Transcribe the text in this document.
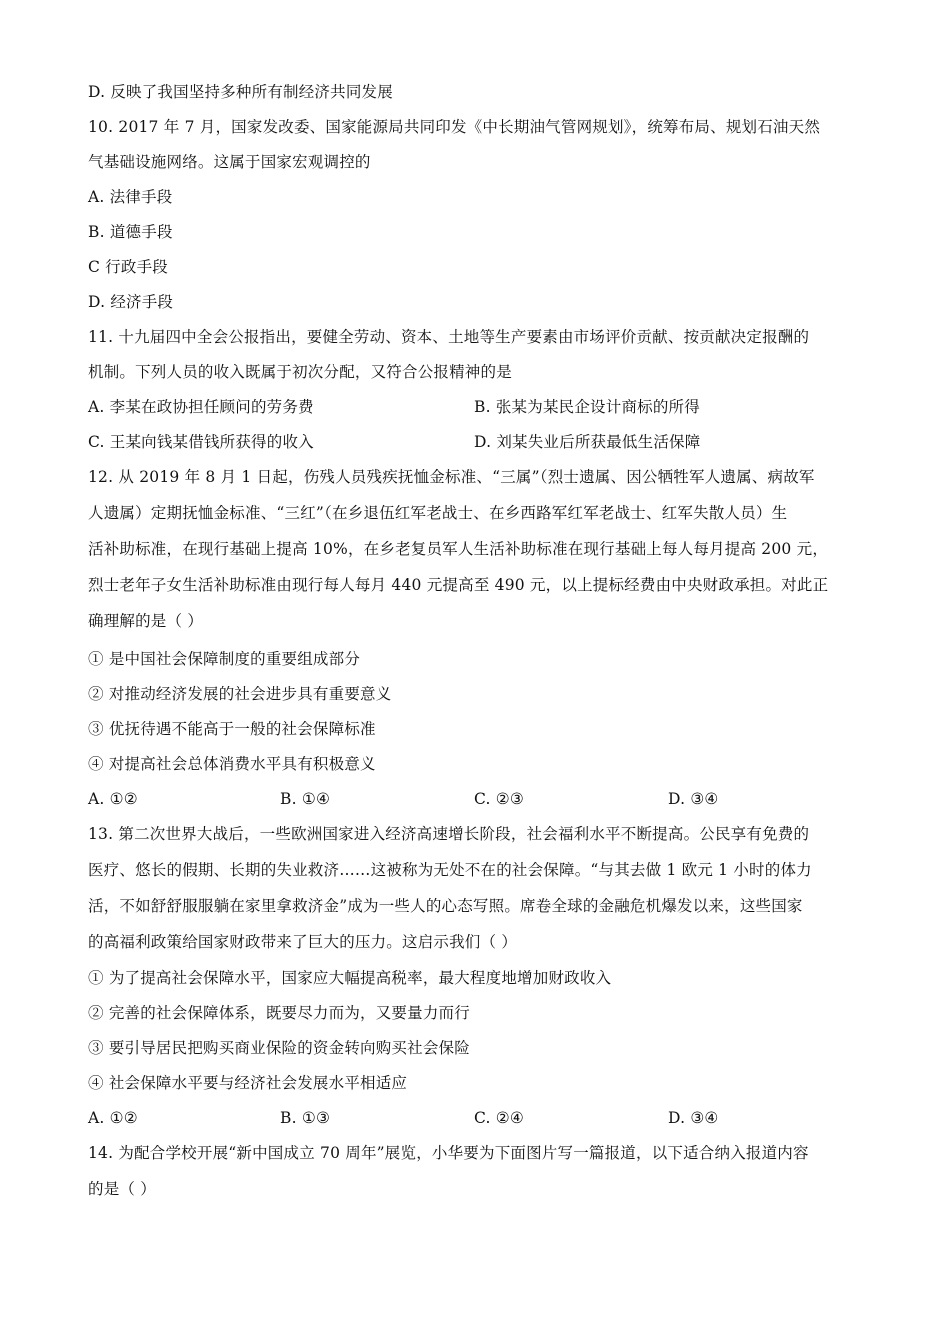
D. 反映了我国坚持多种所有制经济共同发展
10. 2017 年 7 月，国家发改委、国家能源局共同印发《中长期油气管网规划》，统筹布局、规划石油天然
气基础设施网络。这属于国家宏观调控的
A. 法律手段
B. 道德手段
C 行政手段
D. 经济手段
11. 十九届四中全会公报指出，要健全劳动、资本、土地等生产要素由市场评价贡献、按贡献决定报酬的
机制。下列人员的收入既属于初次分配，又符合公报精神的是
A. 李某在政协担任顾问的劳务费	B. 张某为某民企设计商标的所得
C. 王某向钱某借钱所获得的收入	D. 刘某失业后所获最低生活保障
12. 从 2019 年 8 月 1 日起，伤残人员残疾抚恤金标准、“三属”（烈士遗属、因公牺牲军人遗属、病故军
人遗属）定期抚恤金标准、“三红”（在乡退伍红军老战士、在乡西路军红军老战士、红军失散人员）生
活补助标准，在现行基础上提高 10%，在乡老复员军人生活补助标准在现行基础上每人每月提高 200 元，
烈士老年子女生活补助标准由现行每人每月 440 元提高至 490 元，以上提标经费由中央财政承担。对此正
确理解的是（ ）
① 是中国社会保障制度的重要组成部分
② 对推动经济发展的社会进步具有重要意义
③ 优抚待遇不能高于一般的社会保障标准
④ 对提高社会总体消费水平具有积极意义
A. ①②	B. ①④	C. ②③	D. ③④
13. 第二次世界大战后，一些欧洲国家进入经济高速增长阶段，社会福利水平不断提高。公民享有免费的
医疗、悠长的假期、长期的失业救济……这被称为无处不在的社会保障。“与其去做 1 欧元 1 小时的体力
活，不如舒舒服服躺在家里拿救济金”成为一些人的心态写照。席卷全球的金融危机爆发以来，这些国家
的高福利政策给国家财政带来了巨大的压力。这启示我们（ ）
① 为了提高社会保障水平，国家应大幅提高税率，最大程度地增加财政收入
② 完善的社会保障体系，既要尽力而为，又要量力而行
③ 要引导居民把购买商业保险的资金转向购买社会保险
④ 社会保障水平要与经济社会发展水平相适应
A. ①②	B. ①③	C. ②④	D. ③④
14. 为配合学校开展“新中国成立 70 周年”展览，小华要为下面图片写一篇报道，以下适合纳入报道内容
的是（ ）
